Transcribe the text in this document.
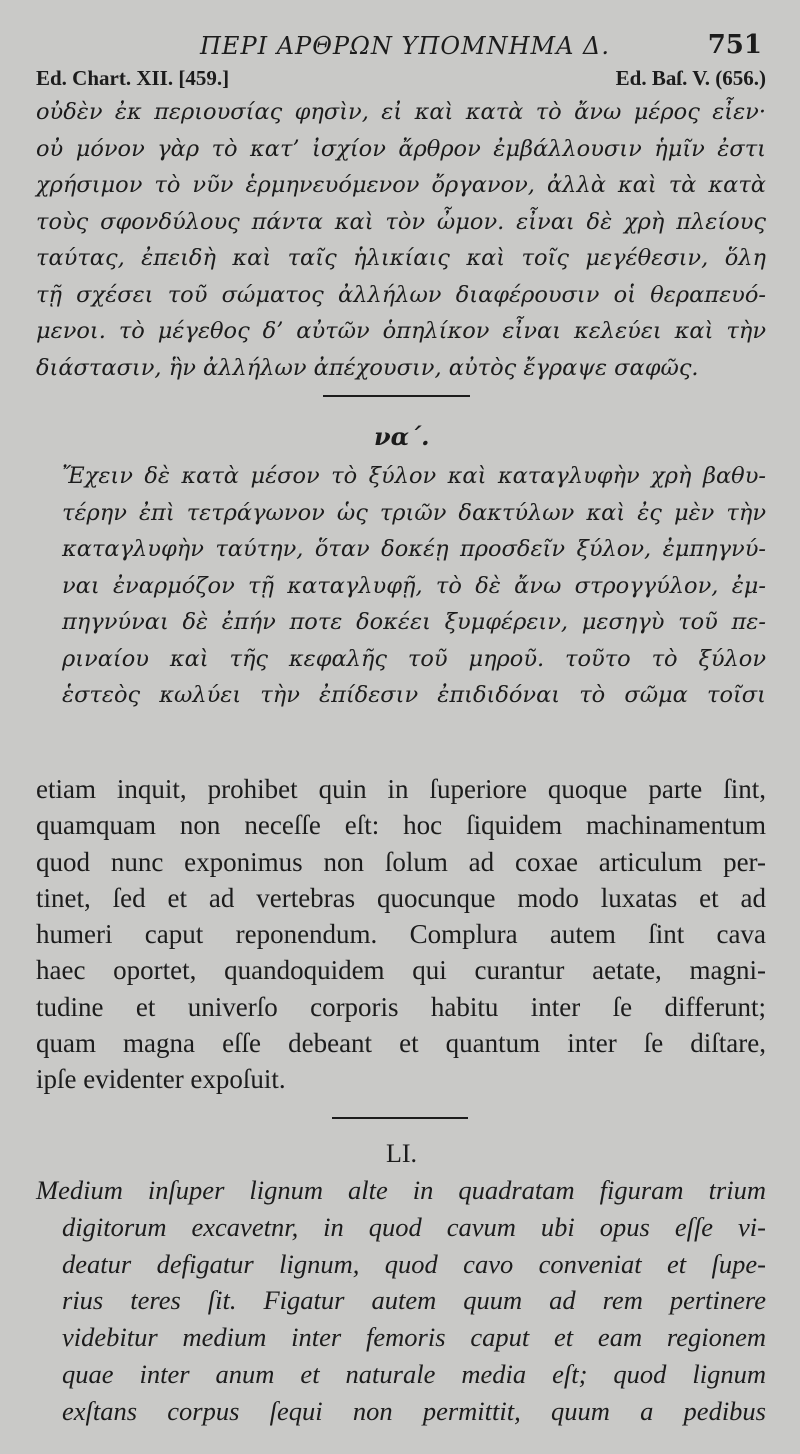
ΠΕΡΙ ΑΡΘΡΩΝ ΥΠΟΜΝΗΜΑ Δ.	751
Ed. Chart. XII. [459.]	Ed. Baſ. V. (656.)
οὐδὲν ἐκ περιουσίας φησὶν, εἰ καὶ κατὰ τὸ ἄνω μέρος εἶεν·
οὐ μόνον γὰρ τὸ κατ’ ἰσχίον ἄρθρον ἐμβάλλουσιν ἡμῖν ἐστι
χρήσιμον τὸ νῦν ἑρμηνευόμενον ὄργανον, ἀλλὰ καὶ τὰ κατὰ
τοὺς σφονδύλους πάντα καὶ τὸν ὦμον. εἶναι δὲ χρὴ πλείους
ταύτας, ἐπειδὴ καὶ ταῖς ἡλικίαις καὶ τοῖς μεγέθεσιν, ὅλη
τῇ σχέσει τοῦ σώματος ἀλλήλων διαφέρουσιν οἱ θεραπευό-
μενοι. τὸ μέγεθος δ’ αὐτῶν ὁπηλίκον εἶναι κελεύει καὶ τὴν
διάστασιν, ἣν ἀλλήλων ἀπέχουσιν, αὐτὸς ἔγραψε σαφῶς.
να΄.
Ἔχειν δὲ κατὰ μέσον τὸ ξύλον καὶ καταγλυφὴν χρὴ βαθυ-
τέρην ἐπὶ τετράγωνον ὡς τριῶν δακτύλων καὶ ἐς μὲν τὴν
καταγλυφὴν ταύτην, ὅταν δοκέῃ προσδεῖν ξύλον, ἐμπηγνύ-
ναι ἐναρμόζον τῇ καταγλυφῇ, τὸ δὲ ἄνω στρογγύλον, ἐμ-
πηγνύναι δὲ ἐπήν ποτε δοκέει ξυμφέρειν, μεσηγὺ τοῦ πε-
ριναίου καὶ τῆς κεφαλῆς τοῦ μηροῦ. τοῦτο τὸ ξύλον
ἑστεὸς κωλύει τὴν ἐπίδεσιν ἐπιδιδόναι τὸ σῶμα τοῖσι
etiam inquit, prohibet quin in ſuperiore quoque parte ſint,
quamquam non neceſſe eſt: hoc ſiquidem machinamentum
quod nunc exponimus non ſolum ad coxae articulum per-
tinet, ſed et ad vertebras quocunque modo luxatas et ad
humeri caput reponendum. Complura autem ſint cava
haec oportet, quandoquidem qui curantur aetate, magni-
tudine et univerſo corporis habitu inter ſe differunt;
quam magna eſſe debeant et quantum inter ſe diſtare,
ipſe evidenter expoſuit.
LI.
Medium inſuper lignum alte in quadratam figuram trium
digitorum excavetnr, in quod cavum ubi opus eſſe vi-
deatur defigatur lignum, quod cavo conveniat et ſupe-
rius teres ſit. Figatur autem quum ad rem pertinere
videbitur medium inter femoris caput et eam regionem
quae inter anum et naturale media eſt; quod lignum
exſtans corpus ſequi non permittit, quum a pedibus
